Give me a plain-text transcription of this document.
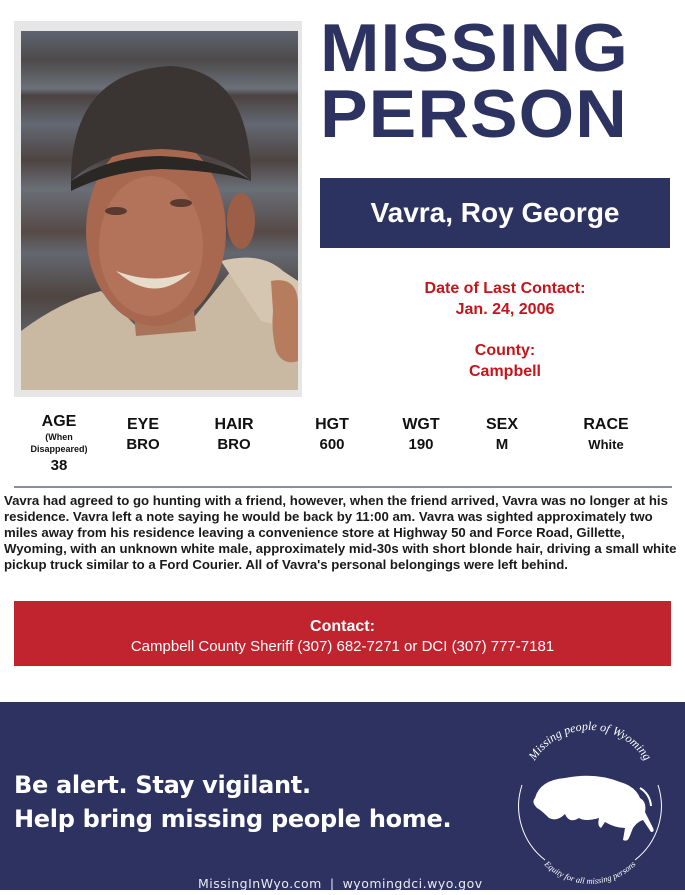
MISSING
PERSON
Vavra, Roy George
Date of Last Contact:
Jan. 24, 2006
County:
Campbell
AGE
(When
Disappeared)
38
EYE
BRO
HAIR
BRO
HGT
600
WGT
190
SEX
M
RACE
White
Vavra had agreed to go hunting with a friend, however, when the friend arrived, Vavra was no longer at his residence. Vavra left a note saying he would be back by 11:00 am. Vavra was sighted approximately two miles away from his residence leaving a convenience store at Highway 50 and Force Road, Gillette, Wyoming, with an unknown white male, approximately mid-30s with short blonde hair, driving a small white pickup truck similar to a Ford Courier. All of Vavra's personal belongings were left behind.
Contact:
Campbell County Sheriff (307) 682-7271 or DCI (307) 777-7181
Be alert. Stay vigilant.
Help bring missing people home.
MissingInWyo.com | wyomingdci.wyo.gov
Missing people of Wyoming
Equity for all missing persons
